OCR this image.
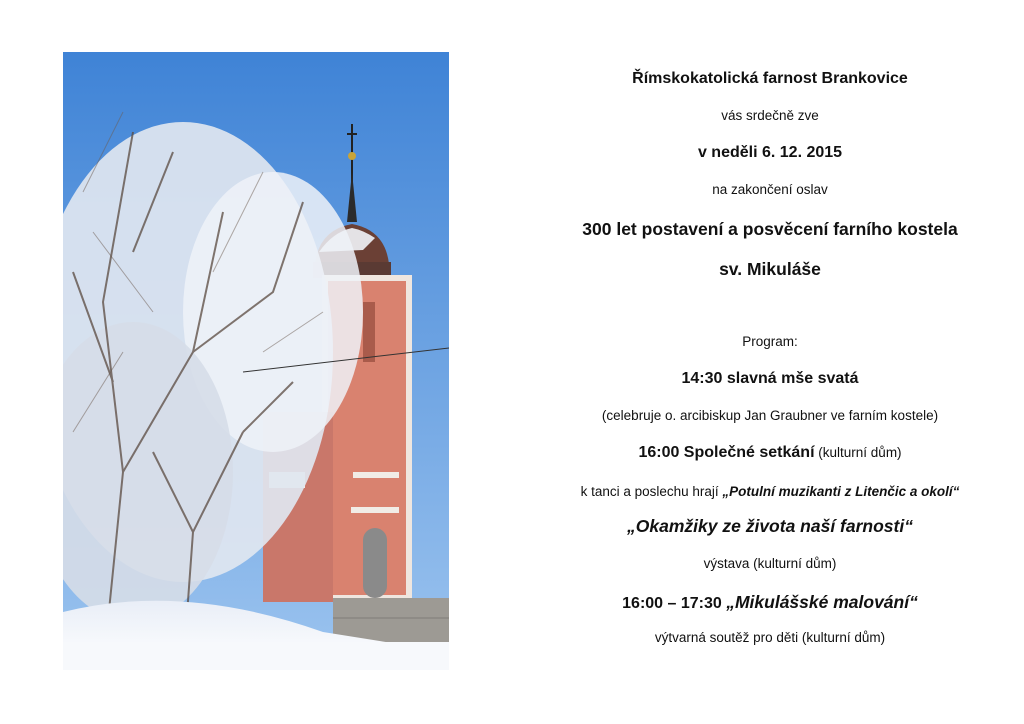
Římskokatolická farnost Brankovice
vás srdečně zve
v neděli 6. 12. 2015
na zakončení oslav
300 let postavení a posvěcení farního kostela
sv. Mikuláše
Program:
14:30 slavná mše svatá
(celebruje o. arcibiskup Jan Graubner ve farním kostele)
16:00 Společné setkání (kulturní dům)
k tanci a poslechu hrají „Potulní muzikanti z Litenčic a okolí“
„Okamžiky ze života naší farnosti“
výstava (kulturní dům)
16:00 – 17:30 „Mikulášské malování“
výtvarná soutěž pro děti (kulturní dům)
